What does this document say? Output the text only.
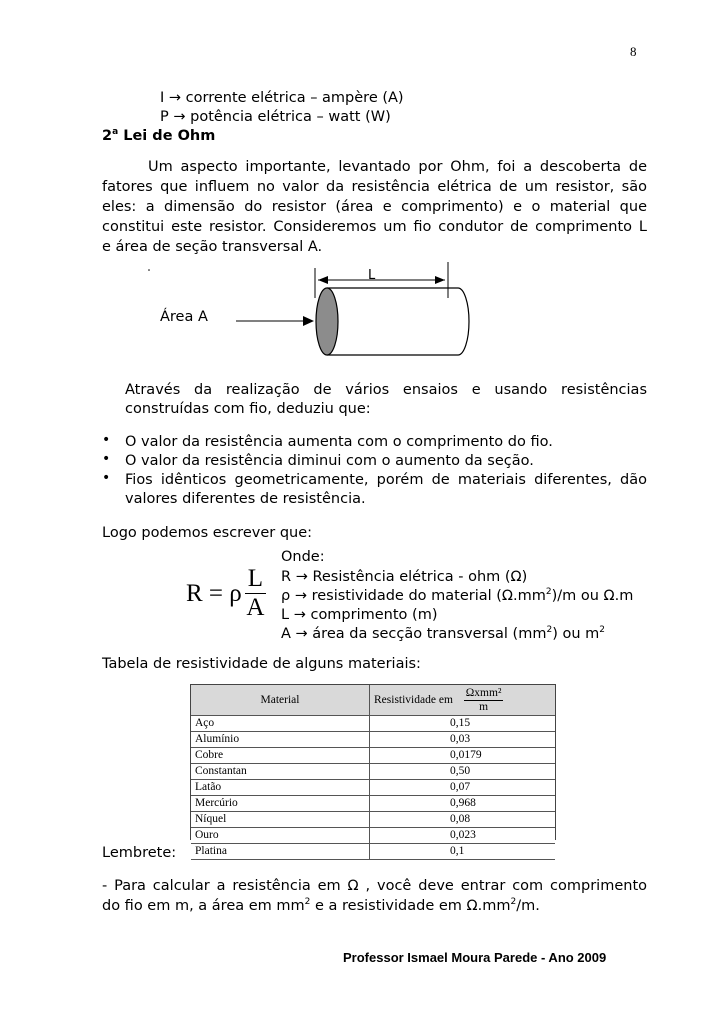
8
I → corrente elétrica – ampère (A)
P → potência elétrica – watt (W)
2$^a$ Lei de Ohm
Um aspecto importante, levantado por Ohm, foi a descoberta de
fatores que influem no valor da resistência elétrica de um resistor, são
eles: a dimensão do resistor (área e comprimento) e o material que
constitui este resistor. Consideremos um fio condutor de comprimento L
e área de seção transversal A.
L
Área A
Através da realização de vários ensaios e usando resistências
construídas com fio, deduziu que:
• O valor da resistência aumenta com o comprimento do fio.
• O valor da resistência diminui com o aumento da seção.
• Fios idênticos geometricamente, porém de materiais diferentes, dão
valores diferentes de resistência.
Logo podemos escrever que:
R = ρ
L
A
Onde:
R → Resistência elétrica - ohm (Ω)
ρ → resistividade do material $(\Omega.mm^2)/m$ ou Ω.m
L → comprimento (m)
A → área da secção transversal $(mm^2)$ ou $m^2$
Tabela de resistividade de alguns materiais:
Material	Resistividade em $\frac{\text{Ωxmm²}}{m}$

Aço	0,15
Alumínio	0,03
Cobre	0,0179
Constantan	0,50
Latão	0,07
Mercúrio	0,968
Níquel	0,08
Ouro	0,023
Platina	0,1
Lembrete:
- Para calcular a resistência em Ω , você deve entrar com comprimento
do fio em m, a área em $mm^2$ e a resistividade em $\Omega.mm^2/m$.
Professor Ismael Moura Parede - Ano 2009
